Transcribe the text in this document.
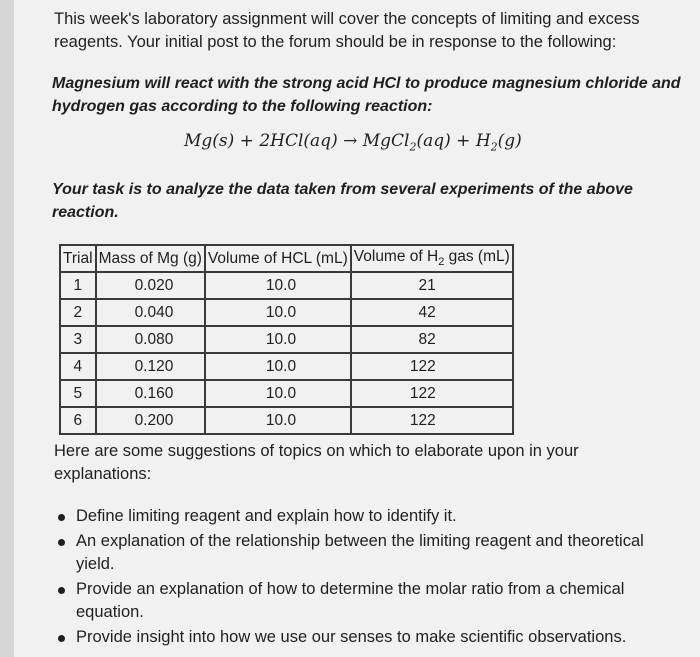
This week's laboratory assignment will cover the concepts of limiting and excess reagents. Your initial post to the forum should be in response to the following:
Magnesium will react with the strong acid HCl to produce magnesium chloride and hydrogen gas according to the following reaction:
Mg(s) + 2HCl(aq) → MgCl$_2$(aq) + $H_2(g)$
Your task is to analyze the data taken from several experiments of the above reaction.
Trial	Mass of Mg (g)	Volume of HCL (mL)	Volume of $H_2$ gas (mL)
1	0.020	10.0	21
2	0.040	10.0	42
3	0.080	10.0	82
4	0.120	10.0	122
5	0.160	10.0	122
6	0.200	10.0	122
Here are some suggestions of topics on which to elaborate upon in your explanations:
Define limiting reagent and explain how to identify it.
An explanation of the relationship between the limiting reagent and theoretical yield.
Provide an explanation of how to determine the molar ratio from a chemical equation.
Provide insight into how we use our senses to make scientific observations.
